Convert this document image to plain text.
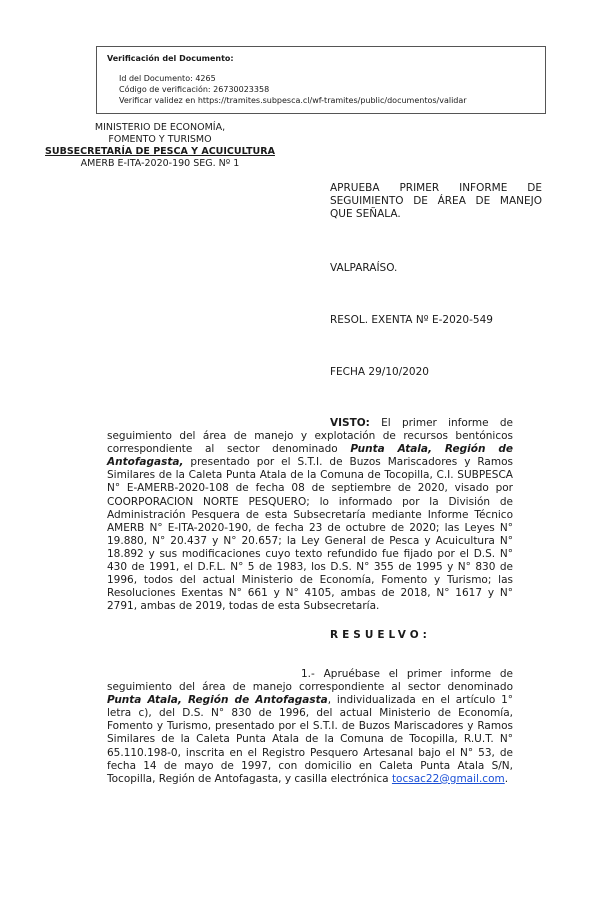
Verificación del Documento:
• Id del Documento: 4265
• Código de verificación: 26730023358
• Verificar validez en https://tramites.subpesca.cl/wf-tramites/public/documentos/validar
MINISTERIO DE ECONOMÍA,
FOMENTO Y TURISMO
SUBSECRETARÍA DE PESCA Y ACUICULTURA
AMERB E-ITA-2020-190 SEG. Nº 1
APRUEBA PRIMER INFORME DE SEGUIMIENTO DE ÁREA DE MANEJO QUE SEÑALA.
VALPARAÍSO.
RESOL. EXENTA Nº E-2020-549
FECHA 29/10/2020
VISTO: El primer informe de seguimiento del área de manejo y explotación de recursos bentónicos correspondiente al sector denominado Punta Atala, Región de Antofagasta, presentado por el S.T.I. de Buzos Mariscadores y Ramos Similares de la Caleta Punta Atala de la Comuna de Tocopilla, C.I. SUBPESCA N° E-AMERB-2020-108 de fecha 08 de septiembre de 2020, visado por COORPORACION NORTE PESQUERO; lo informado por la División de Administración Pesquera de esta Subsecretaría mediante Informe Técnico AMERB N° E-ITA-2020-190, de fecha 23 de octubre de 2020; las Leyes N° 19.880, N° 20.437 y N° 20.657; la Ley General de Pesca y Acuicultura N° 18.892 y sus modificaciones cuyo texto refundido fue fijado por el D.S. N° 430 de 1991, el D.F.L. N° 5 de 1983, los D.S. N° 355 de 1995 y N° 830 de 1996, todos del actual Ministerio de Economía, Fomento y Turismo; las Resoluciones Exentas N° 661 y N° 4105, ambas de 2018, N° 1617 y N° 2791, ambas de 2019, todas de esta Subsecretaría.
RESUELVO:
1.- Apruébase el primer informe de seguimiento del área de manejo correspondiente al sector denominado Punta Atala, Región de Antofagasta, individualizada en el artículo 1° letra c), del D.S. N° 830 de 1996, del actual Ministerio de Economía, Fomento y Turismo, presentado por el S.T.I. de Buzos Mariscadores y Ramos Similares de la Caleta Punta Atala de la Comuna de Tocopilla, R.U.T. N° 65.110.198-0, inscrita en el Registro Pesquero Artesanal bajo el N° 53, de fecha 14 de mayo de 1997, con domicilio en Caleta Punta Atala S/N, Tocopilla, Región de Antofagasta, y casilla electrónica tocsac22@gmail.com.
